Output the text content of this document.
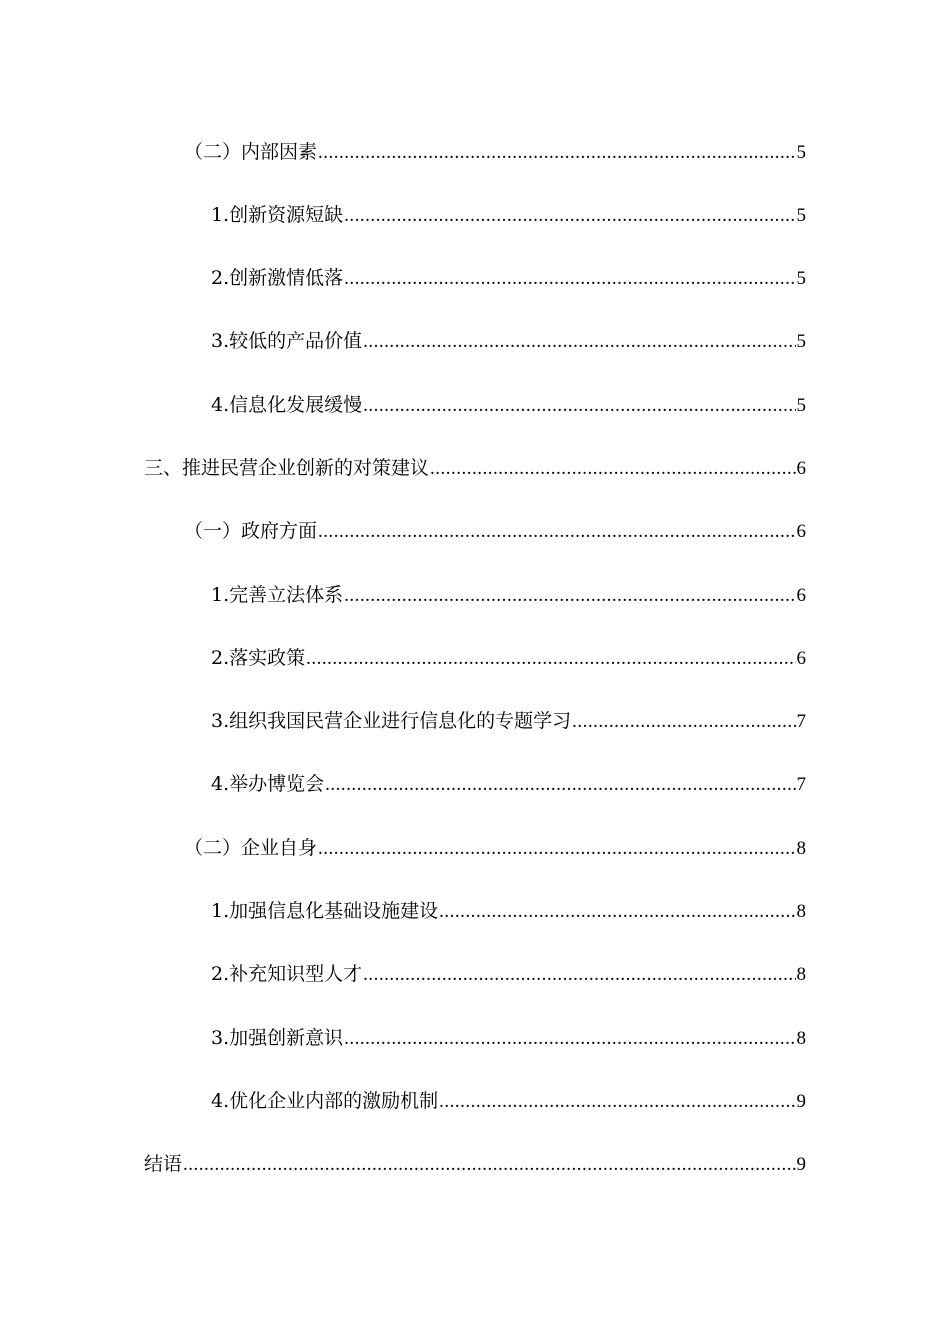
（二）内部因素 .....	5
1.创新资源短缺 .....	5
2.创新激情低落 .....	5
3.较低的产品价值 .....	5
4.信息化发展缓慢 .....	5
三、推进民营企业创新的对策建议 .....	6
（一）政府方面 .....	6
1.完善立法体系 .....	6
2.落实政策 .....	6
3.组织我国民营企业进行信息化的专题学习 .....	7
4.举办博览会 .....	7
（二）企业自身 .....	8
1.加强信息化基础设施建设 .....	8
2.补充知识型人才 .....	8
3.加强创新意识 .....	8
4.优化企业内部的激励机制 .....	9
结语 .....	9
